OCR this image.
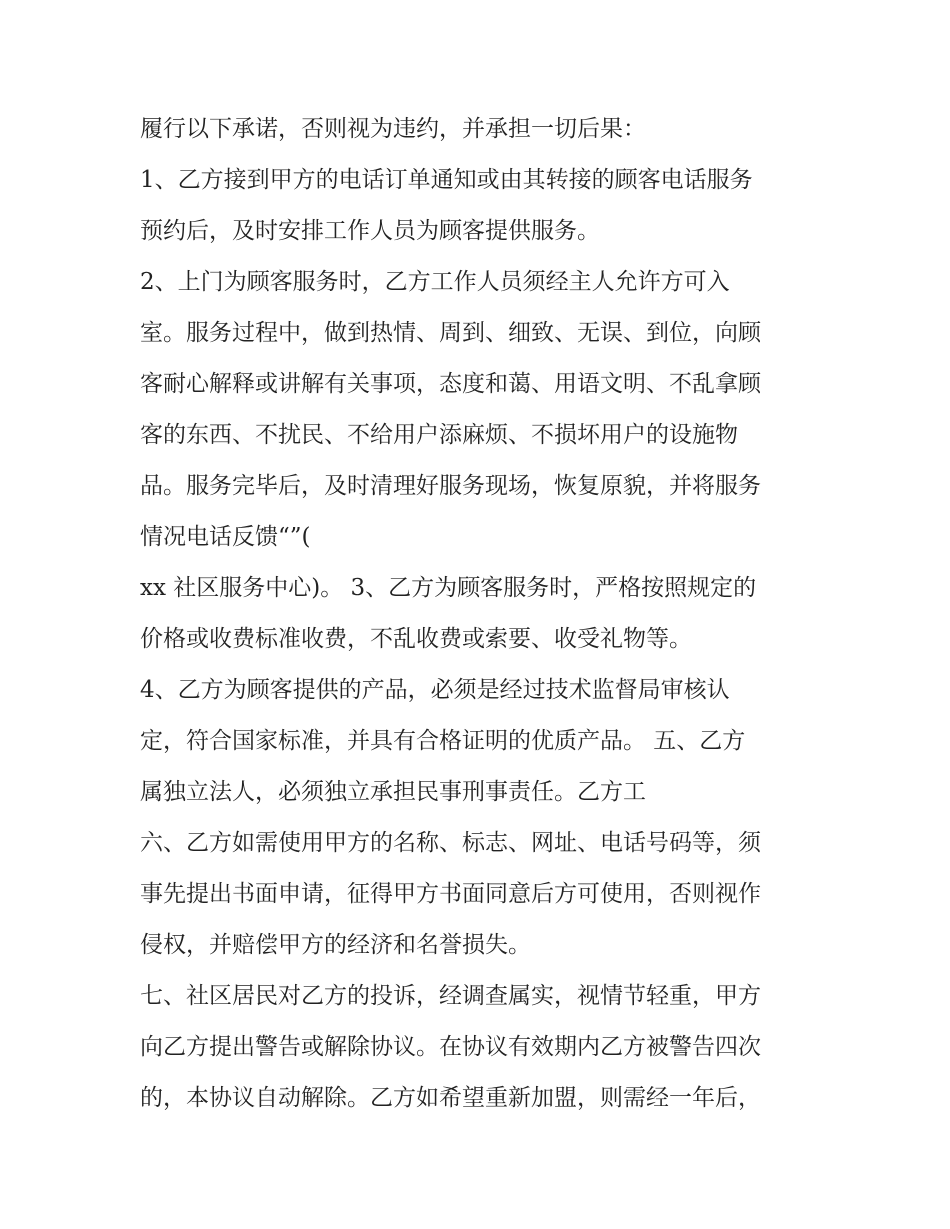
履行以下承诺，否则视为违约，并承担一切后果：
1、乙方接到甲方的电话订单通知或由其转接的顾客电话服务
预约后，及时安排工作人员为顾客提供服务。
2、上门为顾客服务时，乙方工作人员须经主人允许方可入
室。服务过程中，做到热情、周到、细致、无误、到位，向顾
客耐心解释或讲解有关事项，态度和蔼、用语文明、不乱拿顾
客的东西、不扰民、不给用户添麻烦、不损坏用户的设施物
品。服务完毕后，及时清理好服务现场，恢复原貌，并将服务
情况电话反馈“”(
xx 社区服务中心)。 3、乙方为顾客服务时，严格按照规定的
价格或收费标准收费，不乱收费或索要、收受礼物等。
4、乙方为顾客提供的产品，必须是经过技术监督局审核认
定，符合国家标准，并具有合格证明的优质产品。 五、乙方
属独立法人，必须独立承担民事刑事责任。乙方工
六、乙方如需使用甲方的名称、标志、网址、电话号码等，须
事先提出书面申请，征得甲方书面同意后方可使用，否则视作
侵权，并赔偿甲方的经济和名誉损失。
七、社区居民对乙方的投诉，经调查属实，视情节轻重，甲方
向乙方提出警告或解除协议。在协议有效期内乙方被警告四次
的，本协议自动解除。乙方如希望重新加盟，则需经一年后，
